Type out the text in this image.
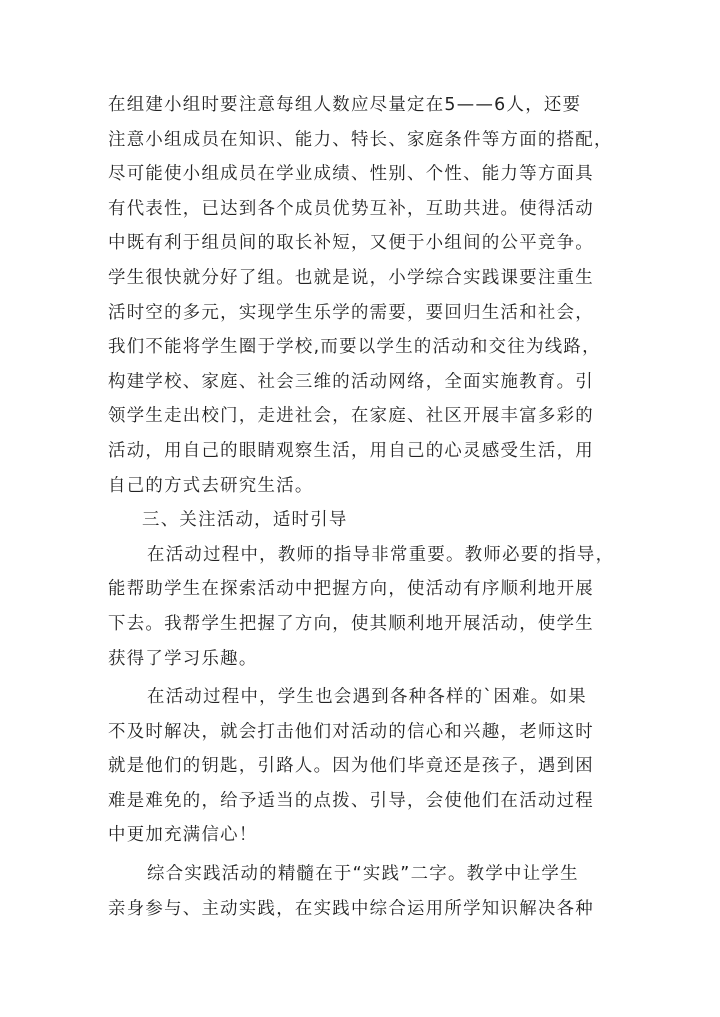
在组建小组时要注意每组人数应尽量定在5——6人，还要
注意小组成员在知识、能力、特长、家庭条件等方面的搭配，
尽可能使小组成员在学业成绩、性别、个性、能力等方面具
有代表性，已达到各个成员优势互补，互助共进。使得活动
中既有利于组员间的取长补短，又便于小组间的公平竞争。
学生很快就分好了组。也就是说，小学综合实践课要注重生
活时空的多元，实现学生乐学的需要，要回归生活和社会，
我们不能将学生圈于学校,而要以学生的活动和交往为线路，
构建学校、家庭、社会三维的活动网络，全面实施教育。引
领学生走出校门，走进社会，在家庭、社区开展丰富多彩的
活动，用自己的眼睛观察生活，用自己的心灵感受生活，用
自己的方式去研究生活。
三、关注活动，适时引导
在活动过程中，教师的指导非常重要。教师必要的指导，
能帮助学生在探索活动中把握方向，使活动有序顺利地开展
下去。我帮学生把握了方向，使其顺利地开展活动，使学生
获得了学习乐趣。
在活动过程中，学生也会遇到各种各样的`困难。如果
不及时解决，就会打击他们对活动的信心和兴趣，老师这时
就是他们的钥匙，引路人。因为他们毕竟还是孩子，遇到困
难是难免的，给予适当的点拨、引导，会使他们在活动过程
中更加充满信心！
综合实践活动的精髓在于“实践”二字。教学中让学生
亲身参与、主动实践，在实践中综合运用所学知识解决各种
